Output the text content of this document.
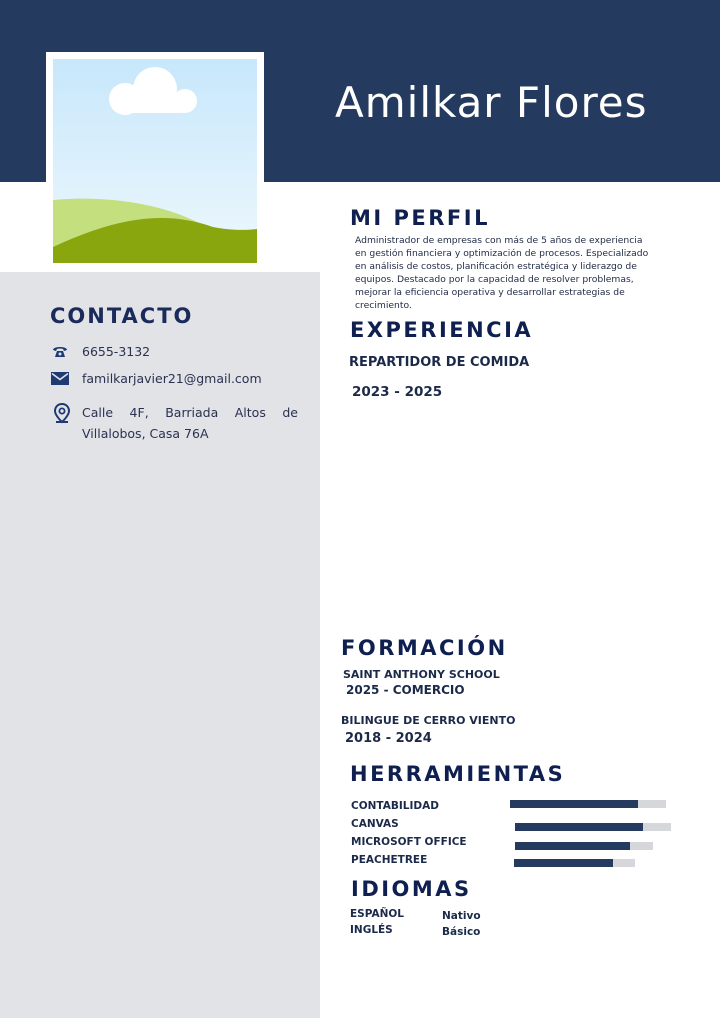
Amilkar Flores
CONTACTO
6655-3132
familkarjavier21@gmail.com
Calle 4F, Barriada Altos de Villalobos, Casa 76A
MI PERFIL
Administrador de empresas con más de 5 años de experiencia en gestión financiera y optimización de procesos. Especializado en análisis de costos, planificación estratégica y liderazgo de equipos. Destacado por la capacidad de resolver problemas, mejorar la eficiencia operativa y desarrollar estrategias de crecimiento.
EXPERIENCIA
REPARTIDOR DE COMIDA
2023 - 2025
FORMACIÓN
SAINT ANTHONY SCHOOL
2025 - COMERCIO
BILINGUE DE CERRO VIENTO
2018 - 2024
HERRAMIENTAS
CONTABILIDAD
CANVAS
MICROSOFT OFFICE
PEACHETREE
IDIOMAS
ESPAÑOL
INGLÉS
Nativo
Básico
